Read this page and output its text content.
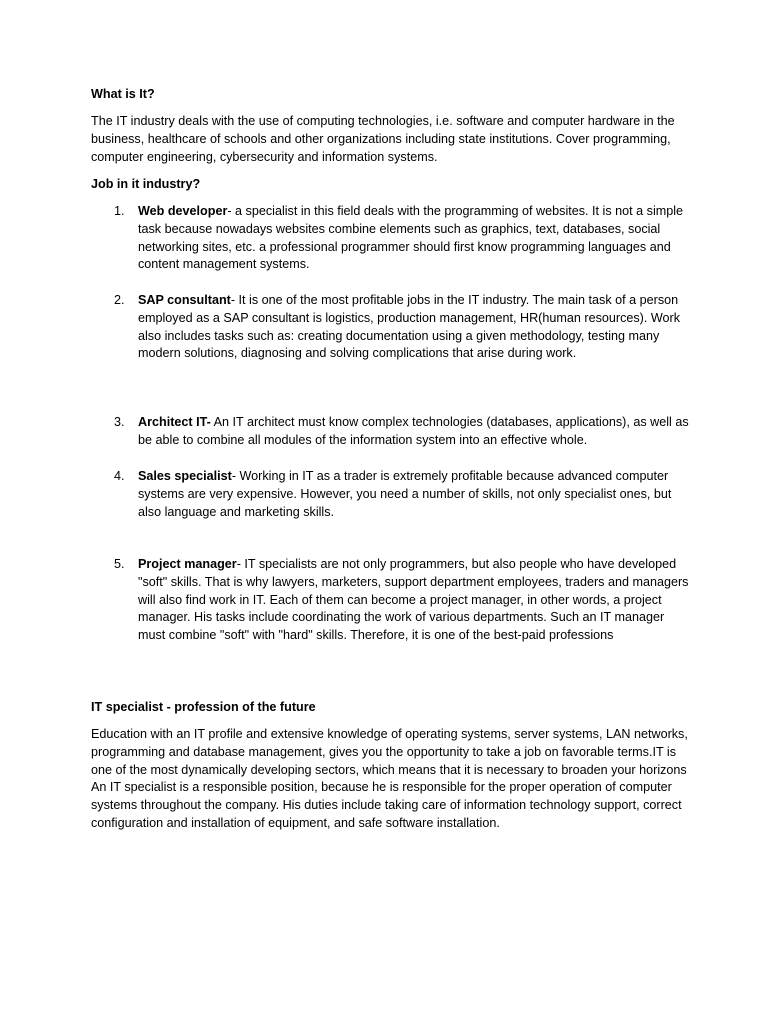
What is It?

The IT industry deals with the use of computing technologies, i.e. software and computer hardware in the business, healthcare of schools and other organizations including state institutions. Cover programming, computer engineering, cybersecurity and information systems.

Job in it industry?

1. Web developer- a specialist in this field deals with the programming of websites. It is not a simple task because nowadays websites combine elements such as graphics, text, databases, social networking sites, etc. a professional programmer should first know programming languages and content management systems.
2. SAP consultant- It is one of the most profitable jobs in the IT industry. The main task of a person employed as a SAP consultant is logistics, production management, HR(human resources). Work also includes tasks such as: creating documentation using a given methodology, testing many modern solutions, diagnosing and solving complications that arise during work.
3. Architect IT- An IT architect must know complex technologies (databases, applications), as well as be able to combine all modules of the information system into an effective whole.
4. Sales specialist- Working in IT as a trader is extremely profitable because advanced computer systems are very expensive. However, you need a number of skills, not only specialist ones, but also language and marketing skills.
5. Project manager- IT specialists are not only programmers, but also people who have developed "soft" skills. That is why lawyers, marketers, support department employees, traders and managers will also find work in IT. Each of them can become a project manager, in other words, a project manager. His tasks include coordinating the work of various departments. Such an IT manager must combine "soft" with "hard" skills. Therefore, it is one of the best-paid professions

IT specialist - profession of the future

Education with an IT profile and extensive knowledge of operating systems, server systems, LAN networks, programming and database management, gives you the opportunity to take a job on favorable terms.IT is one of the most dynamically developing sectors, which means that it is necessary to broaden your horizons An IT specialist is a responsible position, because he is responsible for the proper operation of computer systems throughout the company. His duties include taking care of information technology support, correct configuration and installation of equipment, and safe software installation.
